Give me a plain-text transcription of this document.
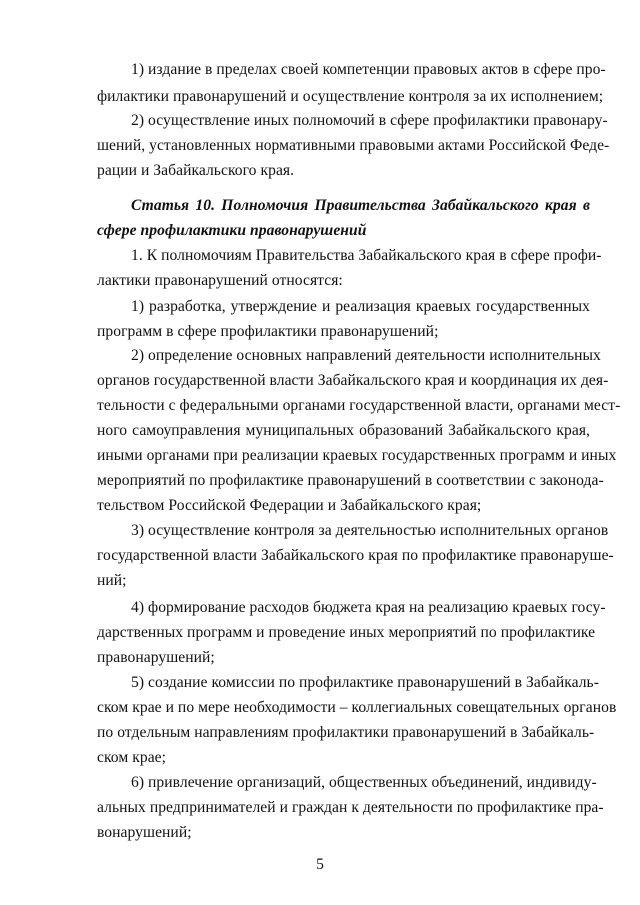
1) издание в пределах своей компетенции правовых актов в сфере про-
филактики правонарушений и осуществление контроля за их исполнением;
2) осуществление иных полномочий в сфере профилактики правонару-
шений, установленных нормативными правовыми актами Российской Феде-
рации и Забайкальского края.
Статья 10. Полномочия Правительства Забайкальского края в
сфере профилактики правонарушений
1. К полномочиям Правительства Забайкальского края в сфере профи-
лактики правонарушений относятся:
1) разработка, утверждение и реализация краевых государственных
программ в сфере профилактики правонарушений;
2) определение основных направлений деятельности исполнительных
органов государственной власти Забайкальского края и координация их дея-
тельности с федеральными органами государственной власти, органами мест-
ного самоуправления муниципальных образований Забайкальского края,
иными органами при реализации краевых государственных программ и иных
мероприятий по профилактике правонарушений в соответствии с законода-
тельством Российской Федерации и Забайкальского края;
3) осуществление контроля за деятельностью исполнительных органов
государственной власти Забайкальского края по профилактике правонаруше-
ний;
4) формирование расходов бюджета края на реализацию краевых госу-
дарственных программ и проведение иных мероприятий по профилактике
правонарушений;
5) создание комиссии по профилактике правонарушений в Забайкаль-
ском крае и по мере необходимости – коллегиальных совещательных органов
по отдельным направлениям профилактики правонарушений в Забайкаль-
ском крае;
6) привлечение организаций, общественных объединений, индивиду-
альных предпринимателей и граждан к деятельности по профилактике пра-
вонарушений;
5
